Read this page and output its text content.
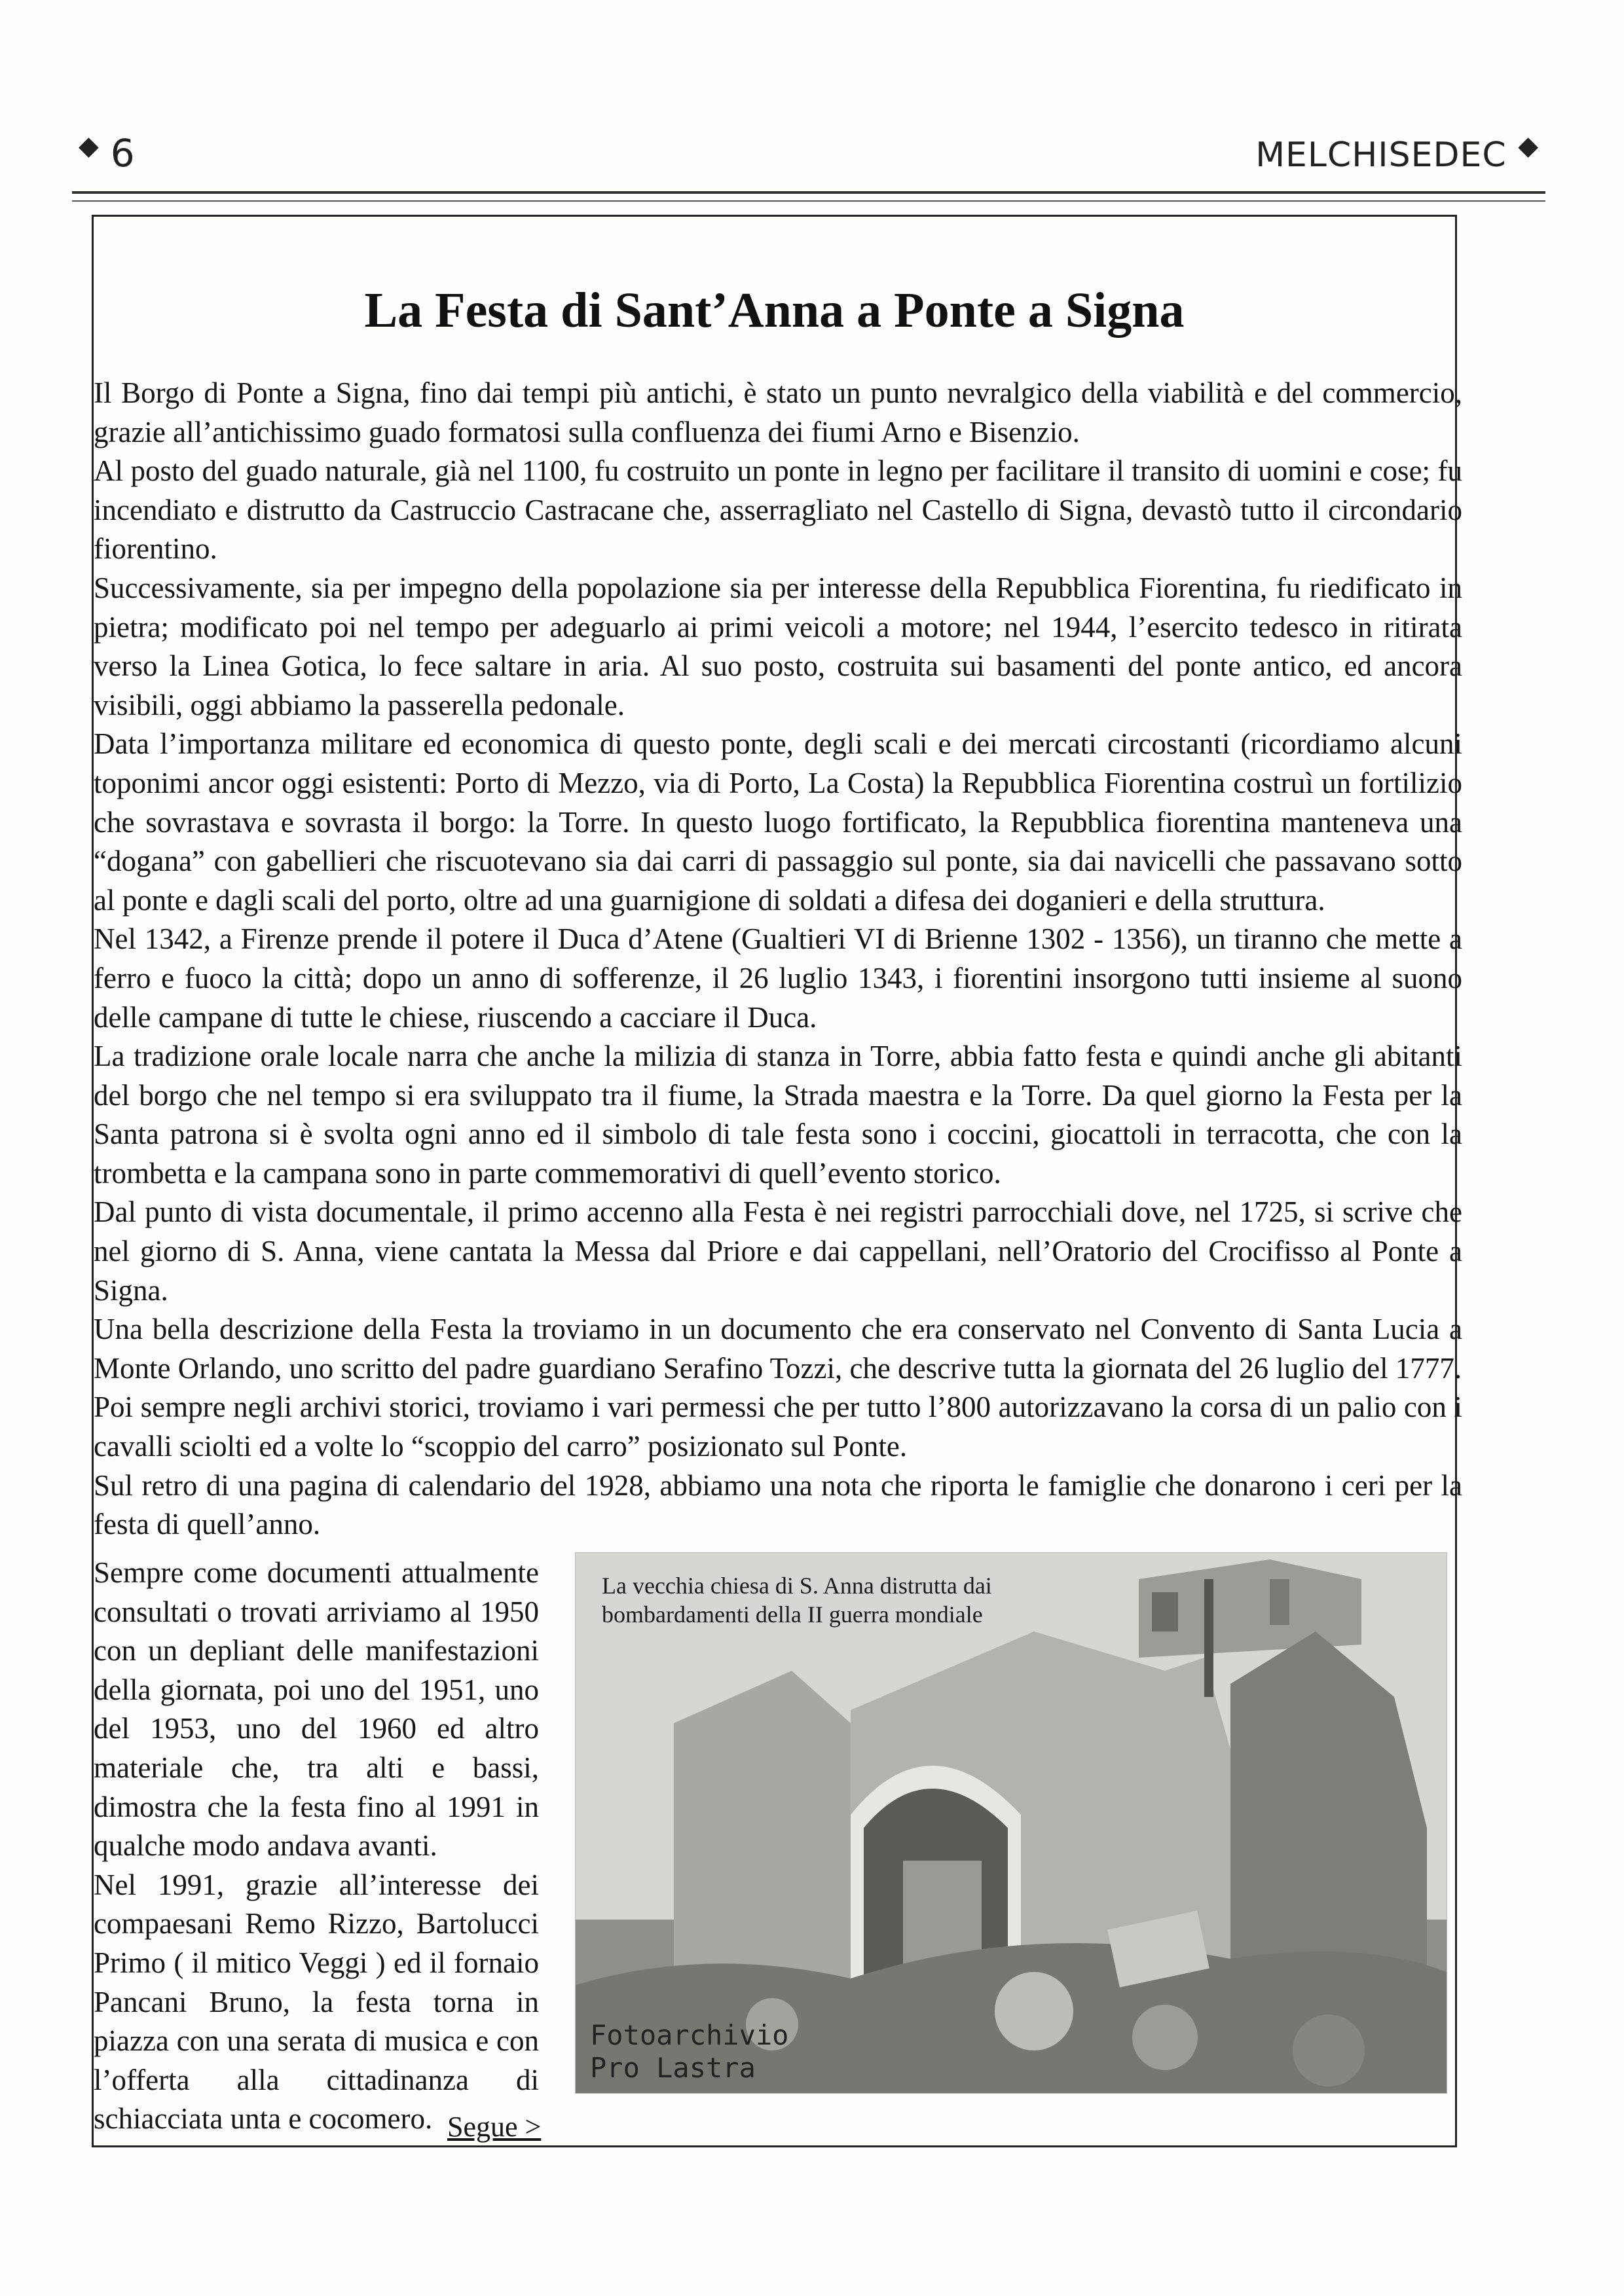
◆ 6	MELCHISEDEC ◆
La Festa di Sant’Anna a Ponte a Signa

Il Borgo di Ponte a Signa, fino dai tempi più antichi, è stato un punto nevralgico della viabilità e del commercio, grazie all’antichissimo guado formatosi sulla confluenza dei fiumi Arno e Bisenzio.

Al posto del guado naturale, già nel 1100, fu costruito un ponte in legno per facilitare il transito di uomini e cose; fu incendiato e distrutto da Castruccio Castracane che, asserragliato nel Castello di Signa, devastò tutto il circondario fiorentino.

Successivamente, sia per impegno della popolazione sia per interesse della Repubblica Fiorentina, fu riedificato in pietra; modificato poi nel tempo per adeguarlo ai primi veicoli a motore; nel 1944, l’esercito tedesco in ritirata verso la Linea Gotica, lo fece saltare in aria. Al suo posto, costruita sui basamenti del ponte antico, ed ancora visibili, oggi abbiamo la passerella pedonale.

Data l’importanza militare ed economica di questo ponte, degli scali e dei mercati circostanti (ricordiamo alcuni toponimi ancor oggi esistenti: Porto di Mezzo, via di Porto, La Costa) la Repubblica Fiorentina costruì un fortilizio che sovrastava e sovrasta il borgo: la Torre. In questo luogo fortificato, la Repubblica fiorentina manteneva una “dogana” con gabellieri che riscuotevano sia dai carri di passaggio sul ponte, sia dai navicelli che passavano sotto al ponte e dagli scali del porto, oltre ad una guarnigione di soldati a difesa dei doganieri e della struttura.

Nel 1342, a Firenze prende il potere il Duca d’Atene (Gualtieri VI di Brienne 1302 - 1356), un tiranno che mette a ferro e fuoco la città; dopo un anno di sofferenze, il 26 luglio 1343, i fiorentini insorgono tutti insieme al suono delle campane di tutte le chiese, riuscendo a cacciare il Duca.

La tradizione orale locale narra che anche la milizia di stanza in Torre, abbia fatto festa e quindi anche gli abitanti del borgo che nel tempo si era sviluppato tra il fiume, la Strada maestra e la Torre. Da quel giorno la Festa per la Santa patrona si è svolta ogni anno ed il simbolo di tale festa sono i coccini, giocattoli in terracotta, che con la trombetta e la campana sono in parte commemorativi di quell’evento storico.

Dal punto di vista documentale, il primo accenno alla Festa è nei registri parrocchiali dove, nel 1725, si scrive che nel giorno di S. Anna, viene cantata la Messa dal Priore e dai cappellani, nell’Oratorio del Crocifisso al Ponte a Signa.

Una bella descrizione della Festa la troviamo in un documento che era conservato nel Convento di Santa Lucia a Monte Orlando, uno scritto del padre guardiano Serafino Tozzi, che descrive tutta la giornata del 26 luglio del 1777.

Poi sempre negli archivi storici, troviamo i vari permessi che per tutto l’800 autorizzavano la corsa di un palio con i cavalli sciolti ed a volte lo “scoppio del carro” posizionato sul Ponte.

Sul retro di una pagina di calendario del 1928, abbiamo una nota che riporta le famiglie che donarono i ceri per la festa di quell’anno.

Sempre come documenti attualmente consultati o trovati arriviamo al 1950 con un depliant delle manifestazioni della giornata, poi uno del 1951, uno del 1953, uno del 1960 ed altro materiale che, tra alti e bassi, dimostra che la festa fino al 1991 in qualche modo andava avanti.

Nel 1991, grazie all’interesse dei compaesani Remo Rizzo, Bartolucci Primo ( il mitico Veggi ) ed il fornaio Pancani Bruno, la festa torna in piazza con una serata di musica e con l’offerta alla cittadinanza di schiacciata unta e cocomero.

La vecchia chiesa di S. Anna distrutta dai
bombardamenti della II guerra mondiale
Fotoarchivio
Pro Lastra
Segue >
